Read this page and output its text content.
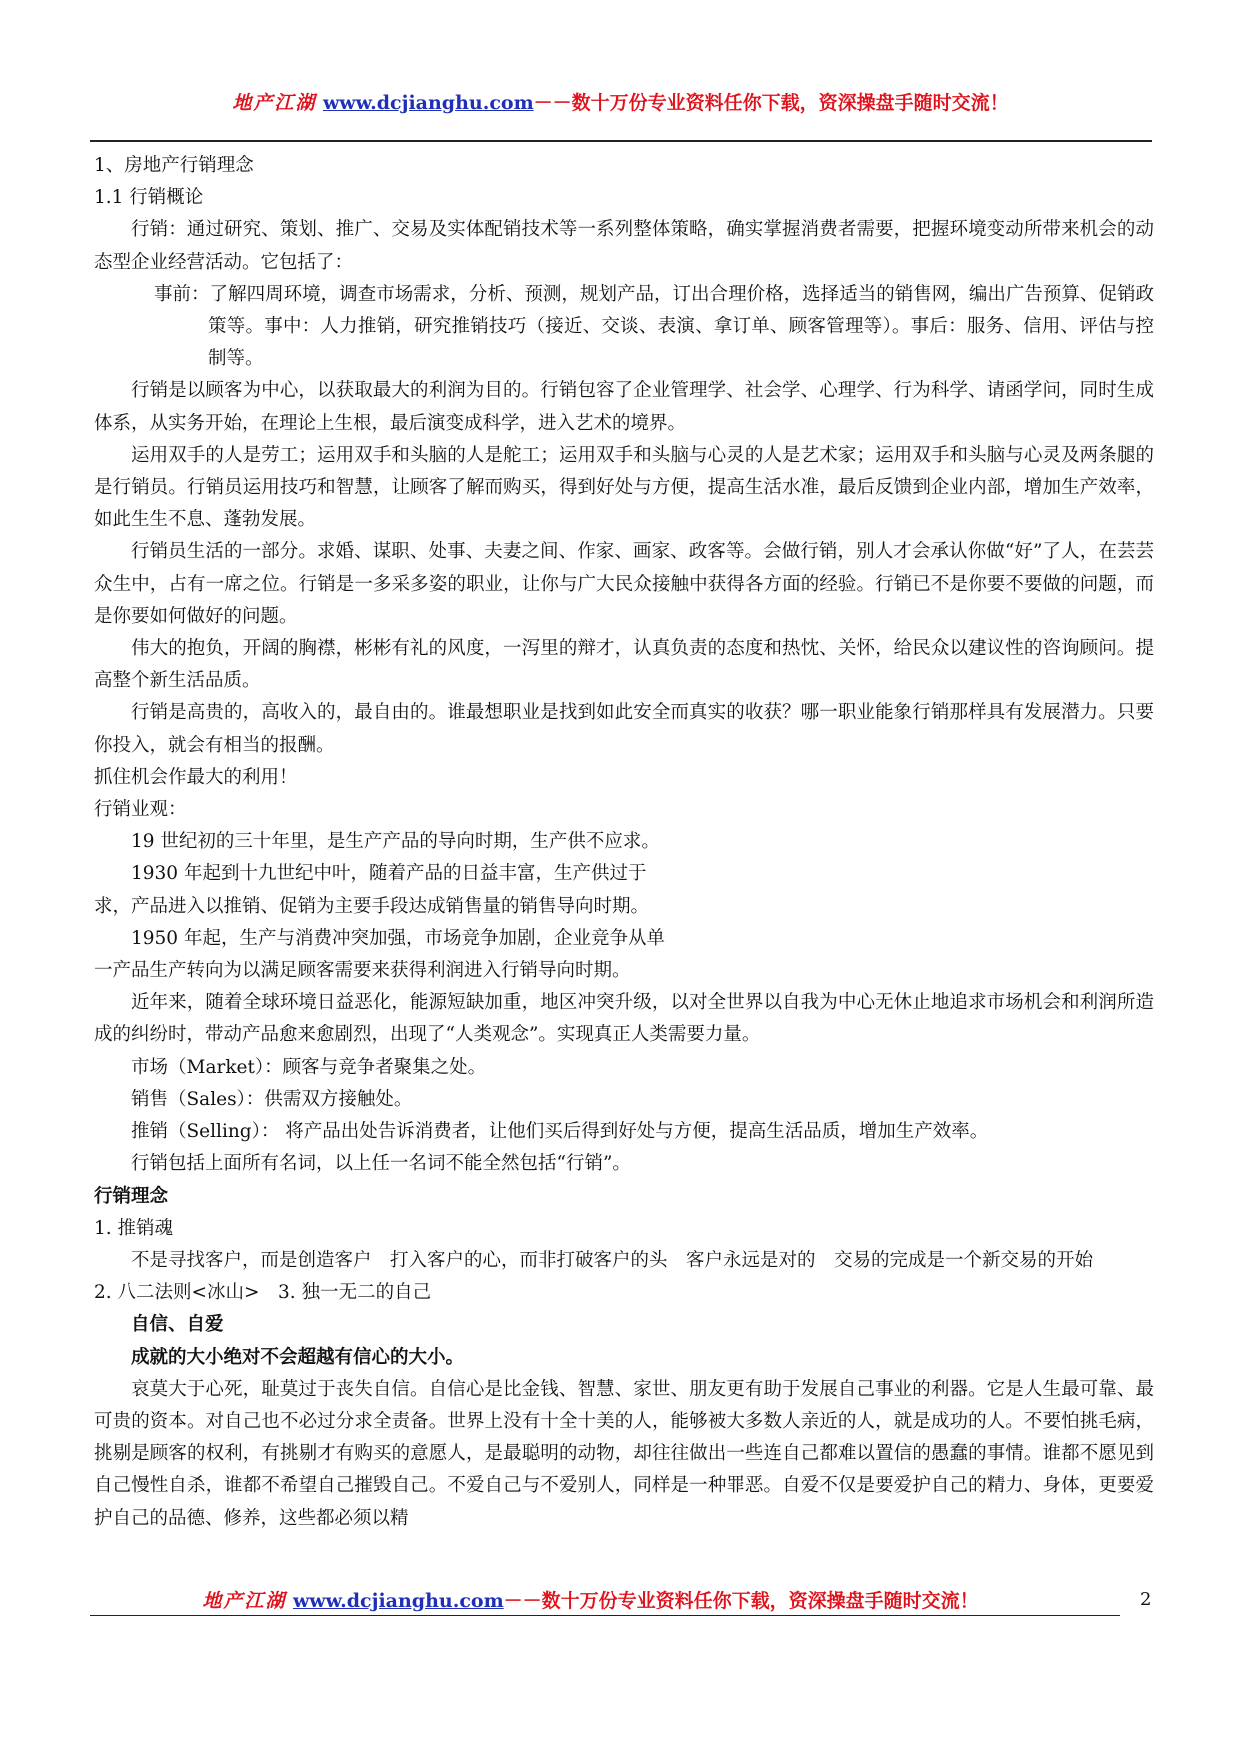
地产江湖 www.dcjianghu.com－－数十万份专业资料任你下载，资深操盘手随时交流！

1、房地产行销理念

1.1 行销概论

行销：通过研究、策划、推广、交易及实体配销技术等一系列整体策略，确实掌握消费者需要，把握环境变动所带来机会的动态型企业经营活动。它包括了：

事前：了解四周环境，调查市场需求，分析、预测，规划产品，订出合理价格，选择适当的销售网，编出广告预算、促销政策等。事中：人力推销，研究推销技巧（接近、交谈、表演、拿订单、顾客管理等）。事后：服务、信用、评估与控制等。

行销是以顾客为中心，以获取最大的利润为目的。行销包容了企业管理学、社会学、心理学、行为科学、请函学问，同时生成体系，从实务开始，在理论上生根，最后演变成科学，进入艺术的境界。

运用双手的人是劳工；运用双手和头脑的人是舵工；运用双手和头脑与心灵的人是艺术家；运用双手和头脑与心灵及两条腿的是行销员。行销员运用技巧和智慧，让顾客了解而购买，得到好处与方便，提高生活水准，最后反馈到企业内部，增加生产效率，如此生生不息、蓬勃发展。

行销员生活的一部分。求婚、谋职、处事、夫妻之间、作家、画家、政客等。会做行销，别人才会承认你做“好”了人，在芸芸众生中，占有一席之位。行销是一多采多姿的职业，让你与广大民众接触中获得各方面的经验。行销已不是你要不要做的问题，而是你要如何做好的问题。

伟大的抱负，开阔的胸襟，彬彬有礼的风度，一泻里的辩才，认真负责的态度和热忱、关怀，给民众以建议性的咨询顾问。提高整个新生活品质。

行销是高贵的，高收入的，最自由的。谁最想职业是找到如此安全而真实的收获？哪一职业能象行销那样具有发展潜力。只要你投入，就会有相当的报酬。

抓住机会作最大的利用！

行销业观：

19 世纪初的三十年里，是生产产品的导向时期，生产供不应求。

1930 年起到十九世纪中叶，随着产品的日益丰富，生产供过于

求，产品进入以推销、促销为主要手段达成销售量的销售导向时期。

1950 年起，生产与消费冲突加强，市场竞争加剧，企业竞争从单

一产品生产转向为以满足顾客需要来获得利润进入行销导向时期。

近年来，随着全球环境日益恶化，能源短缺加重，地区冲突升级，以对全世界以自我为中心无休止地追求市场机会和利润所造成的纠纷时，带动产品愈来愈剧烈，出现了“人类观念”。实现真正人类需要力量。

市场（Market）：顾客与竞争者聚集之处。

销售（Sales）：供需双方接触处。

推销（Selling）： 将产品出处告诉消费者，让他们买后得到好处与方便，提高生活品质，增加生产效率。

行销包括上面所有名词，以上任一名词不能全然包括“行销”。

行销理念

1. 推销魂

不是寻找客户，而是创造客户　打入客户的心，而非打破客户的头　客户永远是对的　交易的完成是一个新交易的开始

2. 八二法则<冰山>　3. 独一无二的自己

自信、自爱

成就的大小绝对不会超越有信心的大小。

哀莫大于心死，耻莫过于丧失自信。自信心是比金钱、智慧、家世、朋友更有助于发展自己事业的利器。它是人生最可靠、最可贵的资本。对自己也不必过分求全责备。世界上没有十全十美的人，能够被大多数人亲近的人，就是成功的人。不要怕挑毛病，挑剔是顾客的权利，有挑剔才有购买的意愿人，是最聪明的动物，却往往做出一些连自己都难以置信的愚蠢的事情。谁都不愿见到自己慢性自杀，谁都不希望自己摧毁自己。不爱自己与不爱别人，同样是一种罪恶。自爱不仅是要爱护自己的精力、身体，更要爱护自己的品德、修养，这些都必须以精

地产江湖 www.dcjianghu.com－－数十万份专业资料任你下载，资深操盘手随时交流！	2
